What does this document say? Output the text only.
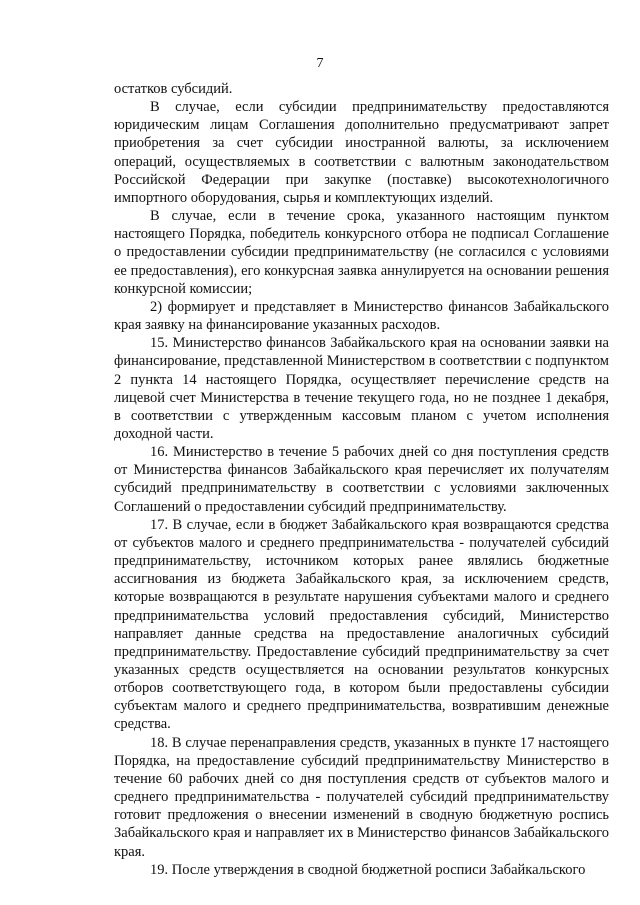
7

остатков субсидий.

В случае, если субсидии предпринимательству предоставляются юридическим лицам Соглашения дополнительно предусматривают запрет приобретения за счет субсидии иностранной валюты, за исключением операций, осуществляемых в соответствии с валютным законодательством Российской Федерации при закупке (поставке) высокотехнологичного импортного оборудования, сырья и комплектующих изделий.

В случае, если в течение срока, указанного настоящим пунктом настоящего Порядка, победитель конкурсного отбора не подписал Соглашение о предоставлении субсидии предпринимательству (не согласился с условиями ее предоставления), его конкурсная заявка аннулируется на основании решения конкурсной комиссии;

2) формирует и представляет в Министерство финансов Забайкальского края заявку на финансирование указанных расходов.

15. Министерство финансов Забайкальского края на основании заявки на финансирование, представленной Министерством в соответствии с подпунктом 2 пункта 14 настоящего Порядка, осуществляет перечисление средств на лицевой счет Министерства в течение текущего года, но не позднее 1 декабря, в соответствии с утвержденным кассовым планом с учетом исполнения доходной части.

16. Министерство в течение 5 рабочих дней со дня поступления средств от Министерства финансов Забайкальского края перечисляет их получателям субсидий предпринимательству в соответствии с условиями заключенных Соглашений о предоставлении субсидий предпринимательству.

17. В случае, если в бюджет Забайкальского края возвращаются средства от субъектов малого и среднего предпринимательства - получателей субсидий предпринимательству, источником которых ранее являлись бюджетные ассигнования из бюджета Забайкальского края, за исключением средств, которые возвращаются в результате нарушения субъектами малого и среднего предпринимательства условий предоставления субсидий, Министерство направляет данные средства на предоставление аналогичных субсидий предпринимательству. Предоставление субсидий предпринимательству за счет указанных средств осуществляется на основании результатов конкурсных отборов соответствующего года, в котором были предоставлены субсидии субъектам малого и среднего предпринимательства, возвратившим денежные средства.

18. В случае перенаправления средств, указанных в пункте 17 настоящего Порядка, на предоставление субсидий предпринимательству Министерство в течение 60 рабочих дней со дня поступления средств от субъектов малого и среднего предпринимательства - получателей субсидий предпринимательству готовит предложения о внесении изменений в сводную бюджетную роспись Забайкальского края и направляет их в Министерство финансов Забайкальского края.

19. После утверждения в сводной бюджетной росписи Забайкальского
